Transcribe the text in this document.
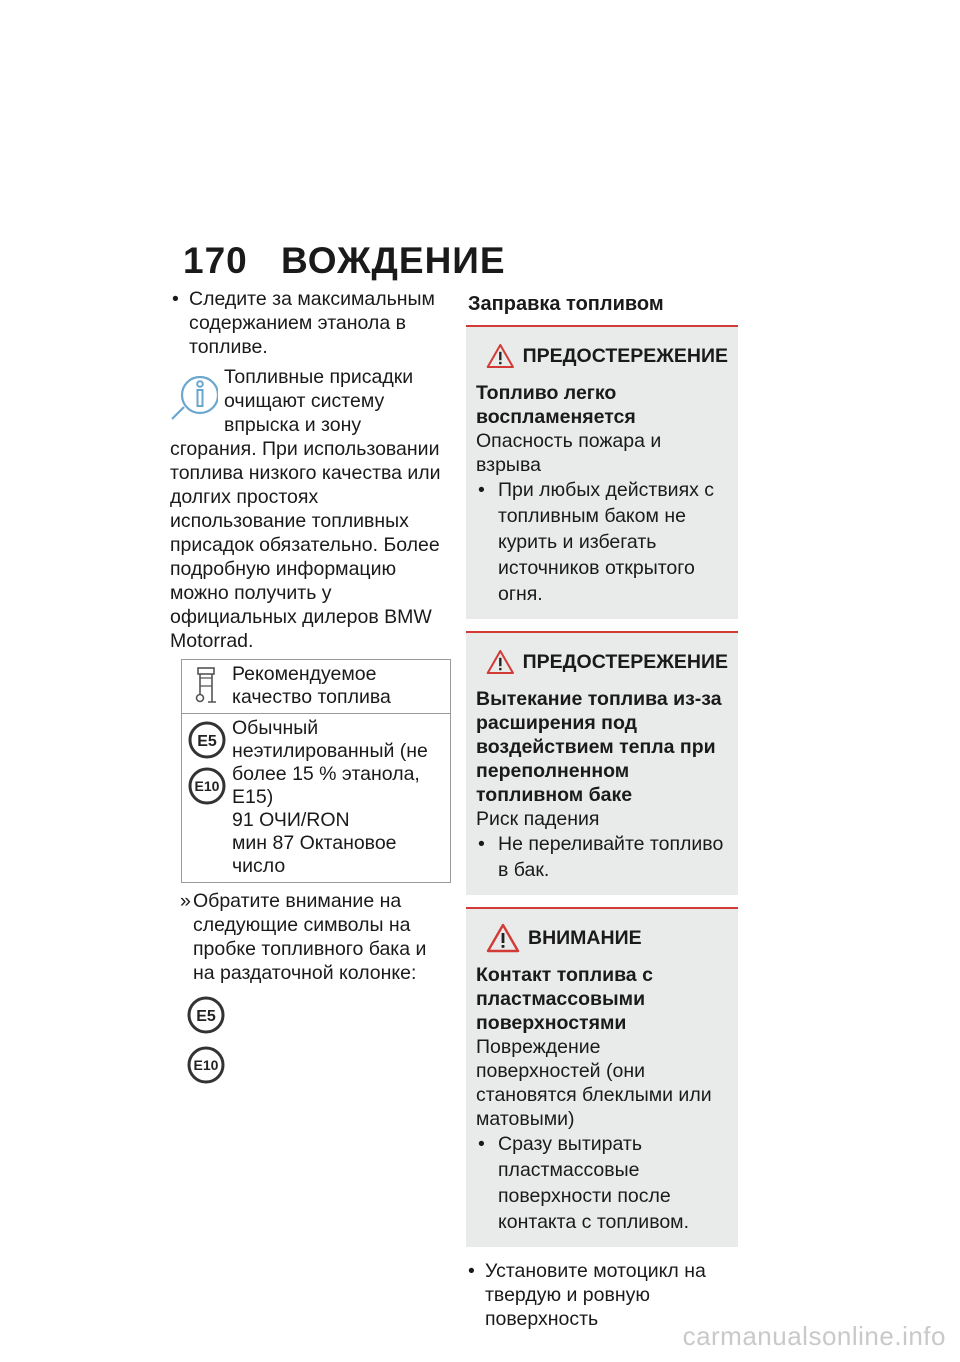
170 ВОЖДЕНИЕ
• Следите за максимальным содержанием этанола в топливе.
Топливные присадки очищают систему впрыска и зону сгорания. При использовании топлива низкого качества или долгих простоях использование топливных присадок обязательно. Более подробную информацию можно получить у официальных дилеров BMW Motorrad.

Рекомендуемое качество топлива

E5
E10

Обычный неэтилированный (не более 15 % этанола, E15)

91 ОЧИ/RON

мин 87 Октановое число

» Обратите внимание на следующие символы на пробке топливного бака и на раздаточной колонке:
E5
E10
Заправка топливом
ПРЕДОСТЕРЕЖЕНИЕ
Топливо легко воспламеняется
Опасность пожара и взрыва
• При любых действиях с топливным баком не курить и избегать источников открытого огня.
ПРЕДОСТЕРЕЖЕНИЕ
Вытекание топлива из-за расширения под воздействием тепла при переполненном топливном баке
Риск падения
• Не переливайте топливо в бак.
ВНИМАНИЕ
Контакт топлива с пластмассовыми поверхностями
Повреждение поверхностей (они становятся блеклыми или матовыми)
• Сразу вытирать пластмассовые поверхности после контакта с топливом.
• Установите мотоцикл на твердую и ровную поверхность
carmanualsonline.info
